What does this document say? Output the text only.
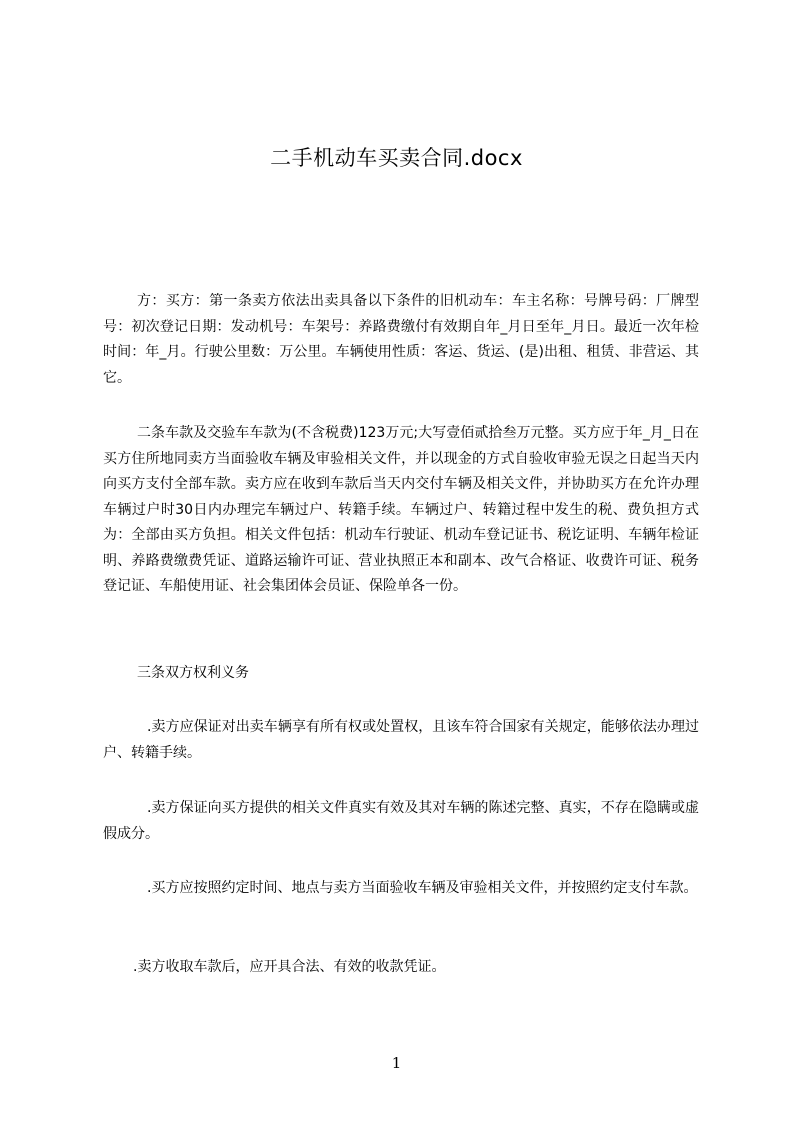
二手机动车买卖合同.docx

方：买方：第一条卖方依法出卖具备以下条件的旧机动车：车主名称：号牌号码：厂牌型号：初次登记日期：发动机号：车架号：养路费缴付有效期自年_月日至年_月日。最近一次年检时间：年_月。行驶公里数：万公里。车辆使用性质：客运、货运、(是)出租、租赁、非营运、其它。

二条车款及交验车车款为(不含税费)123万元;大写壹佰贰拾叁万元整。买方应于年_月_日在买方住所地同卖方当面验收车辆及审验相关文件，并以现金的方式自验收审验无误之日起当天内向买方支付全部车款。卖方应在收到车款后当天内交付车辆及相关文件，并协助买方在允许办理车辆过户时30日内办理完车辆过户、转籍手续。车辆过户、转籍过程中发生的税、费负担方式为：全部由买方负担。相关文件包括：机动车行驶证、机动车登记证书、税讫证明、车辆年检证明、养路费缴费凭证、道路运输许可证、营业执照正本和副本、改气合格证、收费许可证、税务登记证、车船使用证、社会集团体会员证、保险单各一份。

三条双方权利义务

.卖方应保证对出卖车辆享有所有权或处置权，且该车符合国家有关规定，能够依法办理过户、转籍手续。

.卖方保证向买方提供的相关文件真实有效及其对车辆的陈述完整、真实，不存在隐瞒或虚假成分。

.买方应按照约定时间、地点与卖方当面验收车辆及审验相关文件，并按照约定支付车款。

.卖方收取车款后，应开具合法、有效的收款凭证。

1
